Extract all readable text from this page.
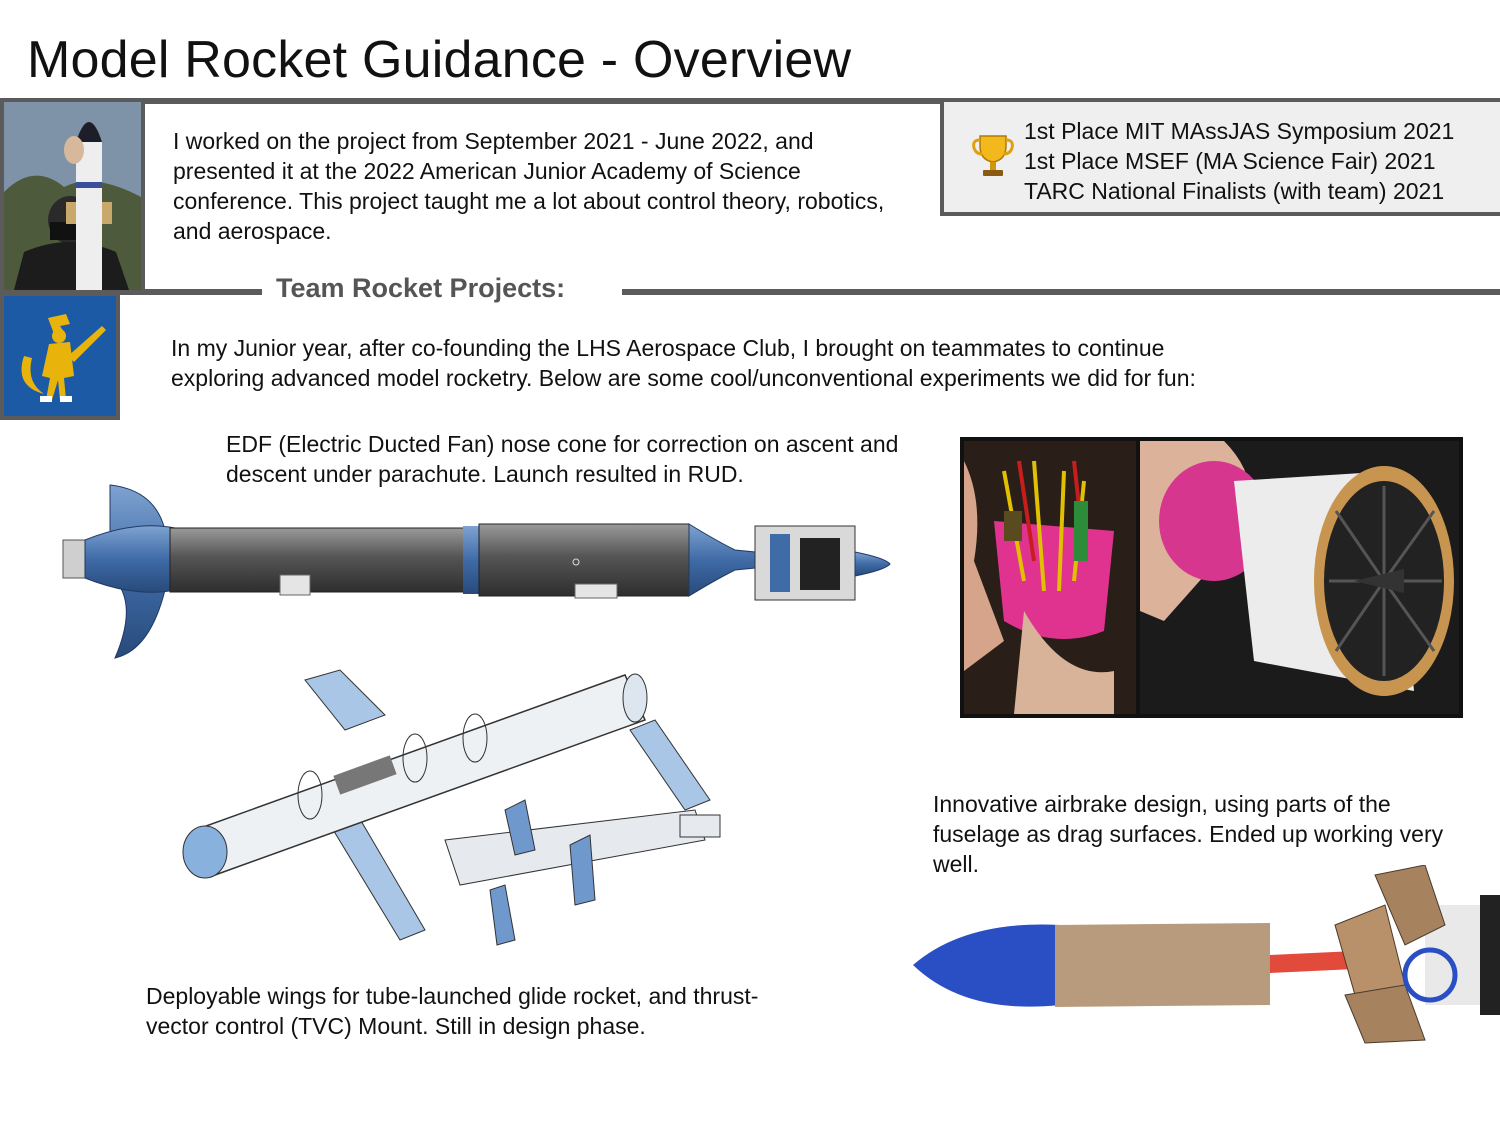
Model Rocket Guidance - Overview
I worked on the project from September 2021 - June 2022, and presented it at the 2022 American Junior Academy of Science conference. This project taught me a lot about control theory, robotics, and aerospace.
1st Place MIT MAssJAS Symposium 2021
1st Place MSEF (MA Science Fair) 2021
TARC National Finalists (with team) 2021
Team Rocket Projects:
In my Junior year, after co-founding the LHS Aerospace Club, I brought on teammates to continue
exploring advanced model rocketry. Below are some cool/unconventional experiments we did for fun:
EDF (Electric Ducted Fan) nose cone for correction on ascent and descent under parachute. Launch resulted in RUD.
Deployable wings for tube-launched glide rocket, and thrust-vector control (TVC) Mount. Still in design phase.
Innovative airbrake design, using parts of the fuselage as drag surfaces. Ended up working very well.
